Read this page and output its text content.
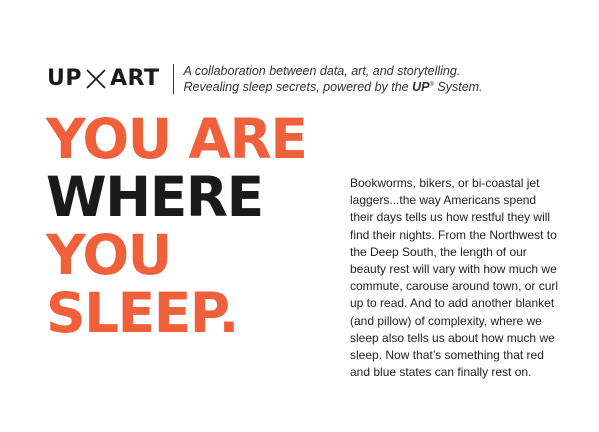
UP ART A collaboration between data, art, and storytelling.
Revealing sleep secrets, powered by the UP® System.
YOU ARE
WHERE
YOU
SLEEP.
Bookworms, bikers, or bi-coastal jet laggers...the way Americans spend their days tells us how restful they will find their nights. From the Northwest to the Deep South, the length of our beauty rest will vary with how much we commute, carouse around town, or curl up to read. And to add another blanket (and pillow) of complexity, where we sleep also tells us about how much we sleep. Now that’s something that red and blue states can finally rest on.
